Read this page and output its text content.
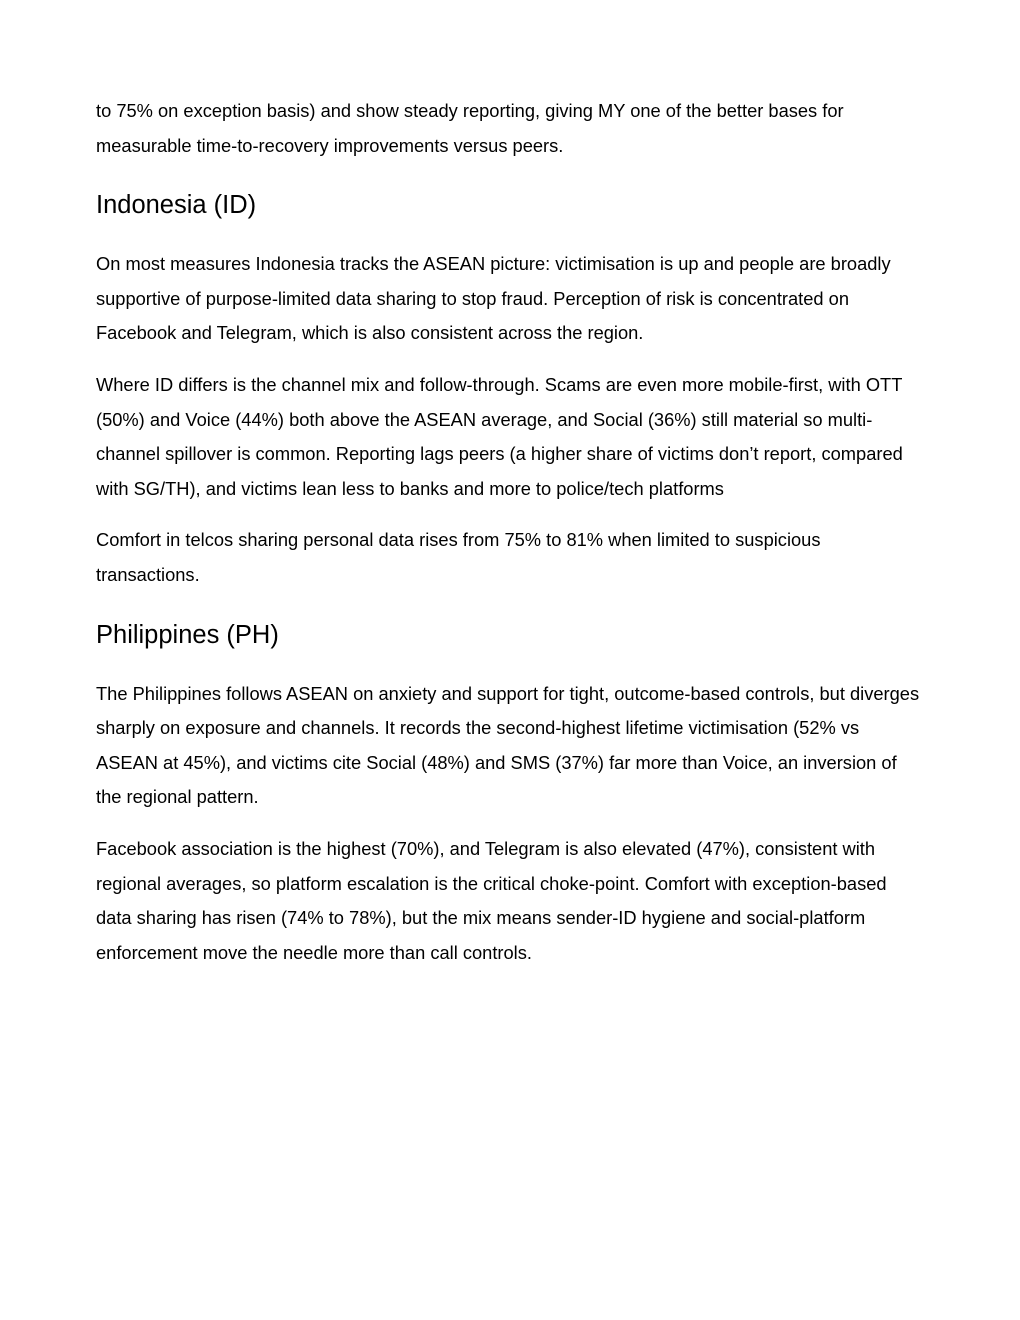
to 75% on exception basis) and show steady reporting, giving MY one of the better bases for measurable time-to-recovery improvements versus peers.

Indonesia (ID)

On most measures Indonesia tracks the ASEAN picture: victimisation is up and people are broadly supportive of purpose-limited data sharing to stop fraud. Perception of risk is concentrated on Facebook and Telegram, which is also consistent across the region.

Where ID differs is the channel mix and follow-through. Scams are even more mobile-first, with OTT (50%) and Voice (44%) both above the ASEAN average, and Social (36%) still material so multi-channel spillover is common. Reporting lags peers (a higher share of victims don’t report, compared with SG/TH), and victims lean less to banks and more to police/tech platforms

Comfort in telcos sharing personal data rises from 75% to 81% when limited to suspicious transactions.

Philippines (PH)

The Philippines follows ASEAN on anxiety and support for tight, outcome-based controls, but diverges sharply on exposure and channels. It records the second-highest lifetime victimisation (52% vs ASEAN at 45%), and victims cite Social (48%) and SMS (37%) far more than Voice, an inversion of the regional pattern.

Facebook association is the highest (70%), and Telegram is also elevated (47%), consistent with regional averages, so platform escalation is the critical choke-point. Comfort with exception-based data sharing has risen (74% to 78%), but the mix means sender-ID hygiene and social-platform enforcement move the needle more than call controls.
